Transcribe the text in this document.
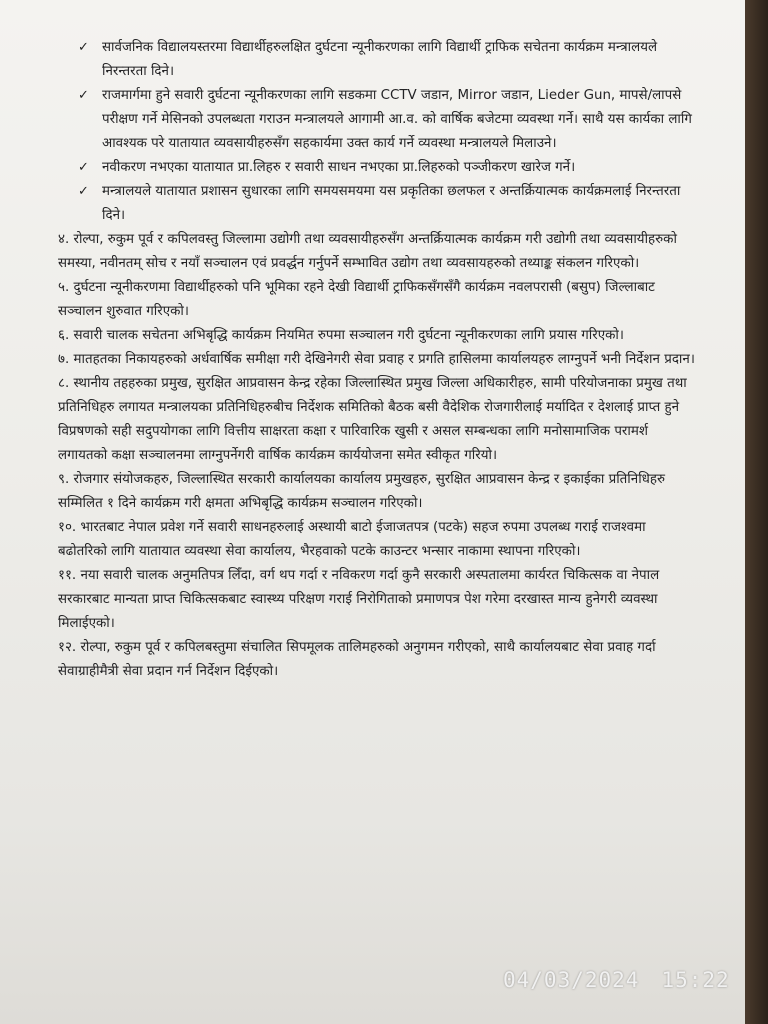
✓ सार्वजनिक विद्यालयस्तरमा विद्यार्थीहरुलक्षित दुर्घटना न्यूनीकरणका लागि विद्यार्थी ट्राफिक सचेतना कार्यक्रम मन्त्रालयले निरन्तरता दिने।
✓ राजमार्गमा हुने सवारी दुर्घटना न्यूनीकरणका लागि सडकमा CCTV जडान, Mirror जडान, Lieder Gun, मापसे/लापसे परीक्षण गर्ने मेसिनको उपलब्धता गराउन मन्त्रालयले आगामी आ.व. को वार्षिक बजेटमा व्यवस्था गर्ने। साथै यस कार्यका लागि आवश्यक परे यातायात व्यवसायीहरुसँग सहकार्यमा उक्त कार्य गर्ने व्यवस्था मन्त्रालयले मिलाउने।
✓ नवीकरण नभएका यातायात प्रा.लिहरु र सवारी साधन नभएका प्रा.लिहरुको पञ्जीकरण खारेज गर्ने।
✓ मन्त्रालयले यातायात प्रशासन सुधारका लागि समयसमयमा यस प्रकृतिका छलफल र अन्तर्क्रियात्मक कार्यक्रमलाई निरन्तरता दिने।

४. रोल्पा, रुकुम पूर्व र कपिलवस्तु जिल्लामा उद्योगी तथा व्यवसायीहरुसँग अन्तर्क्रियात्मक कार्यक्रम गरी उद्योगी तथा व्यवसायीहरुको समस्या, नवीनतम् सोच र नयाँ सञ्चालन एवं प्रवर्द्धन गर्नुपर्ने सम्भावित उद्योग तथा व्यवसायहरुको तथ्याङ्क संकलन गरिएको।

५. दुर्घटना न्यूनीकरणमा विद्यार्थीहरुको पनि भूमिका रहने देखी विद्यार्थी ट्राफिकसँगसँगै कार्यक्रम नवलपरासी (बसुप) जिल्लाबाट सञ्चालन शुरुवात गरिएको।

६. सवारी चालक सचेतना अभिबृद्धि कार्यक्रम नियमित रुपमा सञ्चालन गरी दुर्घटना न्यूनीकरणका लागि प्रयास गरिएको।

७. मातहतका निकायहरुको अर्धवार्षिक समीक्षा गरी देखिनेगरी सेवा प्रवाह र प्रगति हासिलमा कार्यालयहरु लाग्नुपर्ने भनी निर्देशन प्रदान।

८. स्थानीय तहहरुका प्रमुख, सुरक्षित आप्रवासन केन्द्र रहेका जिल्लास्थित प्रमुख जिल्ला अधिकारीहरु, सामी परियोजनाका प्रमुख तथा प्रतिनिधिहरु लगायत मन्त्रालयका प्रतिनिधिहरुबीच निर्देशक समितिको बैठक बसी वैदेशिक रोजगारीलाई मर्यादित र देशलाई प्राप्त हुने विप्रषणको सही सदुपयोगका लागि वित्तीय साक्षरता कक्षा र पारिवारिक खुसी र असल सम्बन्धका लागि मनोसामाजिक परामर्श लगायतको कक्षा सञ्चालनमा लाग्नुपर्नेगरी वार्षिक कार्यक्रम कार्ययोजना समेत स्वीकृत गरियो।

९. रोजगार संयोजकहरु, जिल्लास्थित सरकारी कार्यालयका कार्यालय प्रमुखहरु, सुरक्षित आप्रवासन केन्द्र र इकाईका प्रतिनिधिहरु सम्मिलित १ दिने कार्यक्रम गरी क्षमता अभिबृद्धि कार्यक्रम सञ्चालन गरिएको।

१०. भारतबाट नेपाल प्रवेश गर्ने सवारी साधनहरुलाई अस्थायी बाटो ईजाजतपत्र (पटके) सहज रुपमा उपलब्ध गराई राजश्वमा बढोतरिको लागि यातायात व्यवस्था सेवा कार्यालय, भैरहवाको पटके काउन्टर भन्सार नाकामा स्थापना गरिएको।

११. नया सवारी चालक अनुमतिपत्र लिँदा, वर्ग थप गर्दा र नविकरण गर्दा कुनै सरकारी अस्पतालमा कार्यरत चिकित्सक वा नेपाल सरकारबाट मान्यता प्राप्त चिकित्सकबाट स्वास्थ्य परिक्षण गराई निरोगिताको प्रमाणपत्र पेश गरेमा दरखास्त मान्य हुनेगरी व्यवस्था मिलाईएको।

१२. रोल्पा, रुकुम पूर्व र कपिलबस्तुमा संचालित सिपमूलक तालिमहरुको अनुगमन गरीएको, साथै कार्यालयबाट सेवा प्रवाह गर्दा सेवाग्राहीमैत्री सेवा प्रदान गर्न निर्देशन दिईएको।

04/03/2024 15:22
